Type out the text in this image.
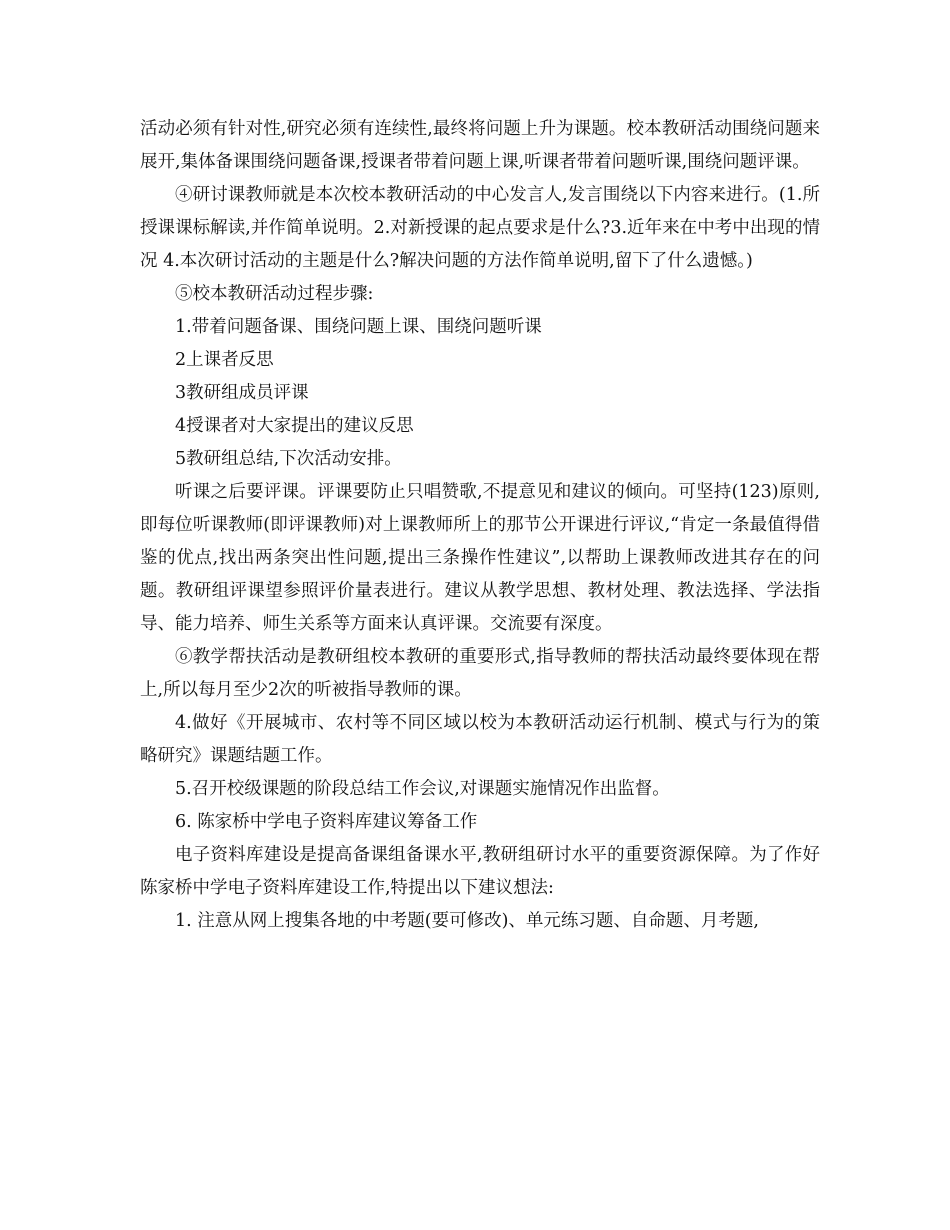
活动必须有针对性,研究必须有连续性,最终将问题上升为课题。校本教研活动围绕问题来展开,集体备课围绕问题备课,授课者带着问题上课,听课者带着问题听课,围绕问题评课。

④研讨课教师就是本次校本教研活动的中心发言人,发言围绕以下内容来进行。(1.所授课课标解读,并作简单说明。2.对新授课的起点要求是什么?3.近年来在中考中出现的情况 4.本次研讨活动的主题是什么?解决问题的方法作简单说明,留下了什么遗憾。)

⑤校本教研活动过程步骤:

1.带着问题备课、围绕问题上课、围绕问题听课

2上课者反思

3教研组成员评课

4授课者对大家提出的建议反思

5教研组总结,下次活动安排。

听课之后要评课。评课要防止只唱赞歌,不提意见和建议的倾向。可坚持(123)原则,即每位听课教师(即评课教师)对上课教师所上的那节公开课进行评议,“肯定一条最值得借鉴的优点,找出两条突出性问题,提出三条操作性建议”,以帮助上课教师改进其存在的问题。教研组评课望参照评价量表进行。建议从教学思想、教材处理、教法选择、学法指导、能力培养、师生关系等方面来认真评课。交流要有深度。

⑥教学帮扶活动是教研组校本教研的重要形式,指导教师的帮扶活动最终要体现在帮上,所以每月至少2次的听被指导教师的课。

4.做好《开展城市、农村等不同区域以校为本教研活动运行机制、模式与行为的策略研究》课题结题工作。

5.召开校级课题的阶段总结工作会议,对课题实施情况作出监督。

6. 陈家桥中学电子资料库建议筹备工作

电子资料库建设是提高备课组备课水平,教研组研讨水平的重要资源保障。为了作好陈家桥中学电子资料库建设工作,特提出以下建议想法:

1. 注意从网上搜集各地的中考题(要可修改)、单元练习题、自命题、月考题,
